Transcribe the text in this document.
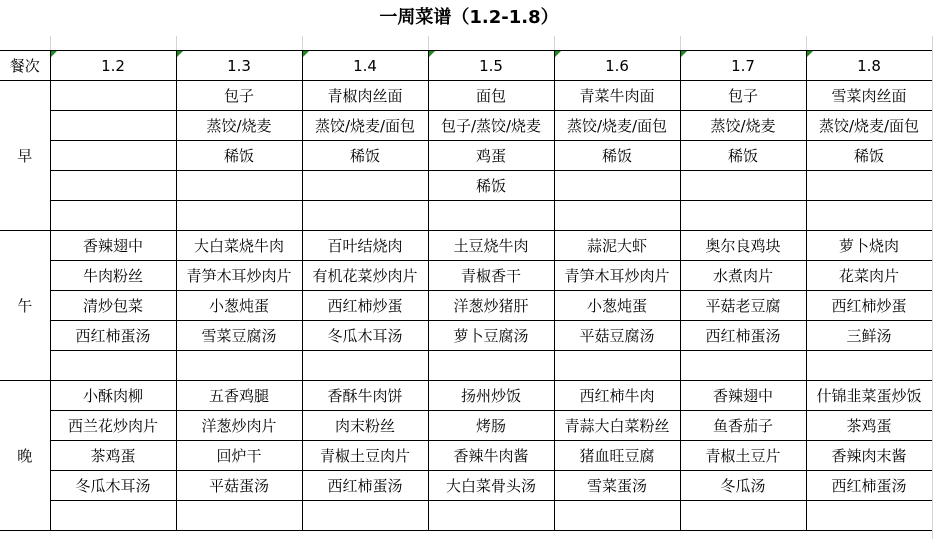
一周菜谱（1.2-1.8）

餐次	1.2	1.3	1.4	1.5	1.6	1.7	1.8
早		包子	青椒肉丝面	面包	青菜牛肉面	包子	雪菜肉丝面
		蒸饺/烧麦	蒸饺/烧麦/面包	包子/蒸饺/烧麦	蒸饺/烧麦/面包	蒸饺/烧麦	蒸饺/烧麦/面包
		稀饭	稀饭	鸡蛋	稀饭	稀饭	稀饭
				稀饭			

午	香辣翅中	大白菜烧牛肉	百叶结烧肉	土豆烧牛肉	蒜泥大虾	奥尔良鸡块	萝卜烧肉
	牛肉粉丝	青笋木耳炒肉片	有机花菜炒肉片	青椒香干	青笋木耳炒肉片	水煮肉片	花菜肉片
	清炒包菜	小葱炖蛋	西红柿炒蛋	洋葱炒猪肝	小葱炖蛋	平菇老豆腐	西红柿炒蛋
	西红柿蛋汤	雪菜豆腐汤	冬瓜木耳汤	萝卜豆腐汤	平菇豆腐汤	西红柿蛋汤	三鲜汤

晚	小酥肉柳	五香鸡腿	香酥牛肉饼	扬州炒饭	西红柿牛肉	香辣翅中	什锦韭菜蛋炒饭
	西兰花炒肉片	洋葱炒肉片	肉末粉丝	烤肠	青蒜大白菜粉丝	鱼香茄子	茶鸡蛋
	茶鸡蛋	回炉干	青椒土豆肉片	香辣牛肉酱	猪血旺豆腐	青椒土豆片	香辣肉末酱
	冬瓜木耳汤	平菇蛋汤	西红柿蛋汤	大白菜骨头汤	雪菜蛋汤	冬瓜汤	西红柿蛋汤
